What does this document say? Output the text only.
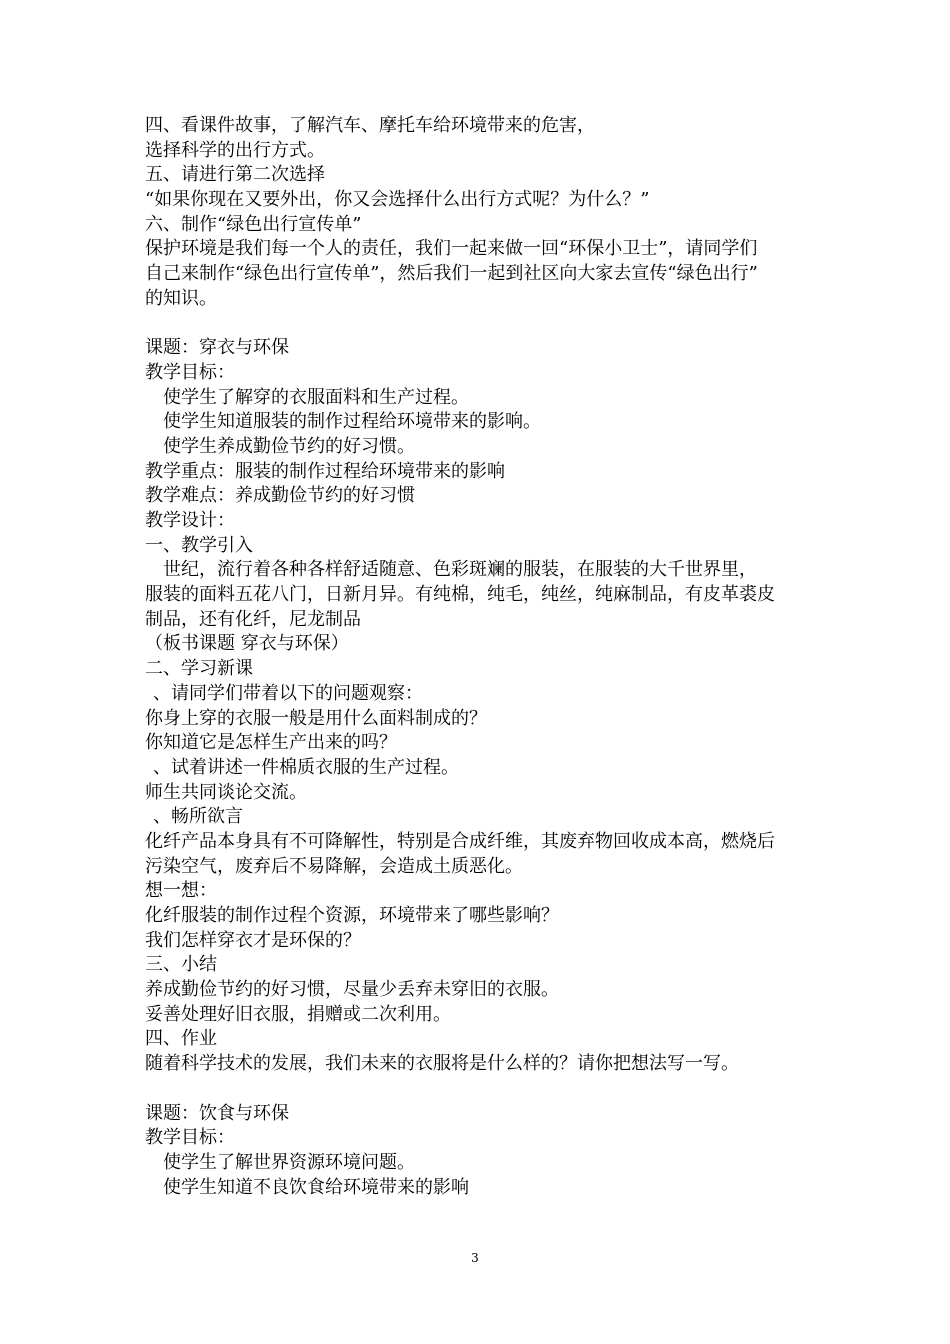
四、看课件故事，了解汽车、摩托车给环境带来的危害，
选择科学的出行方式。
五、请进行第二次选择
“如果你现在又要外出，你又会选择什么出行方式呢？为什么？”
六、制作“绿色出行宣传单”
保护环境是我们每一个人的责任，我们一起来做一回“环保小卫士”，请同学们
自己来制作“绿色出行宣传单”，然后我们一起到社区向大家去宣传“绿色出行”
的知识。
课题：穿衣与环保
教学目标：
使学生了解穿的衣服面料和生产过程。
使学生知道服装的制作过程给环境带来的影响。
使学生养成勤俭节约的好习惯。
教学重点：服装的制作过程给环境带来的影响
教学难点：养成勤俭节约的好习惯
教学设计：
一、教学引入
世纪，流行着各种各样舒适随意、色彩斑斓的服装，在服装的大千世界里，
服装的面料五花八门，日新月异。有纯棉，纯毛，纯丝，纯麻制品，有皮革裘皮
制品，还有化纤，尼龙制品
（板书课题 穿衣与环保）
二、学习新课
、请同学们带着以下的问题观察：
你身上穿的衣服一般是用什么面料制成的？
你知道它是怎样生产出来的吗？
、试着讲述一件棉质衣服的生产过程。
师生共同谈论交流。
、畅所欲言
化纤产品本身具有不可降解性，特别是合成纤维，其废弃物回收成本高，燃烧后
污染空气，废弃后不易降解，会造成土质恶化。
想一想：
化纤服装的制作过程个资源，环境带来了哪些影响？
我们怎样穿衣才是环保的？
三、小结
养成勤俭节约的好习惯，尽量少丢弃未穿旧的衣服。
妥善处理好旧衣服，捐赠或二次利用。
四、作业
随着科学技术的发展，我们未来的衣服将是什么样的？请你把想法写一写。
课题：饮食与环保
教学目标：
使学生了解世界资源环境问题。
使学生知道不良饮食给环境带来的影响
3
